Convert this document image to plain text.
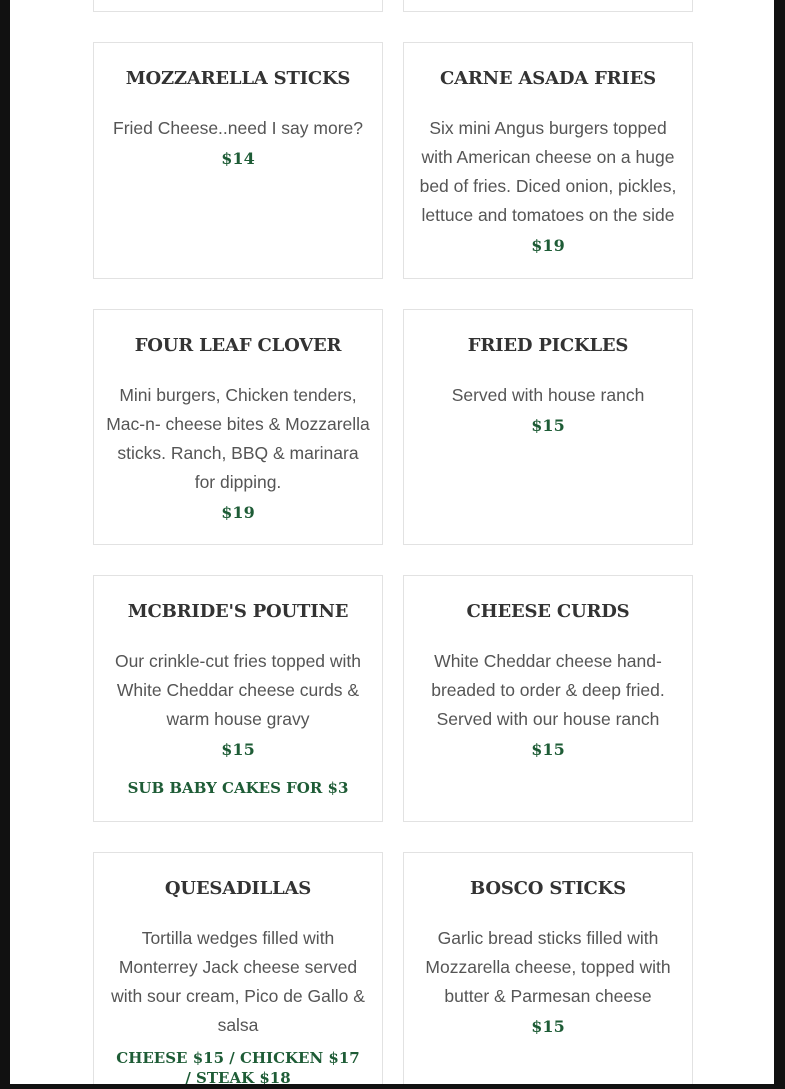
MOZZARELLA STICKS
Fried Cheese..need I say more?
$14
CARNE ASADA FRIES
Six mini Angus burgers topped with American cheese on a huge bed of fries. Diced onion, pickles, lettuce and tomatoes on the side
$19
FOUR LEAF CLOVER
Mini burgers, Chicken tenders, Mac-n- cheese bites & Mozzarella sticks. Ranch, BBQ & marinara for dipping.
$19
FRIED PICKLES
Served with house ranch
$15
MCBRIDE'S POUTINE
Our crinkle-cut fries topped with White Cheddar cheese curds & warm house gravy
$15
SUB BABY CAKES FOR $3
CHEESE CURDS
White Cheddar cheese hand-breaded to order & deep fried. Served with our house ranch
$15
QUESADILLAS
Tortilla wedges filled with Monterrey Jack cheese served with sour cream, Pico de Gallo & salsa
CHEESE $15 / CHICKEN $17 / STEAK $18
BOSCO STICKS
Garlic bread sticks filled with Mozzarella cheese, topped with butter & Parmesan cheese
$15
